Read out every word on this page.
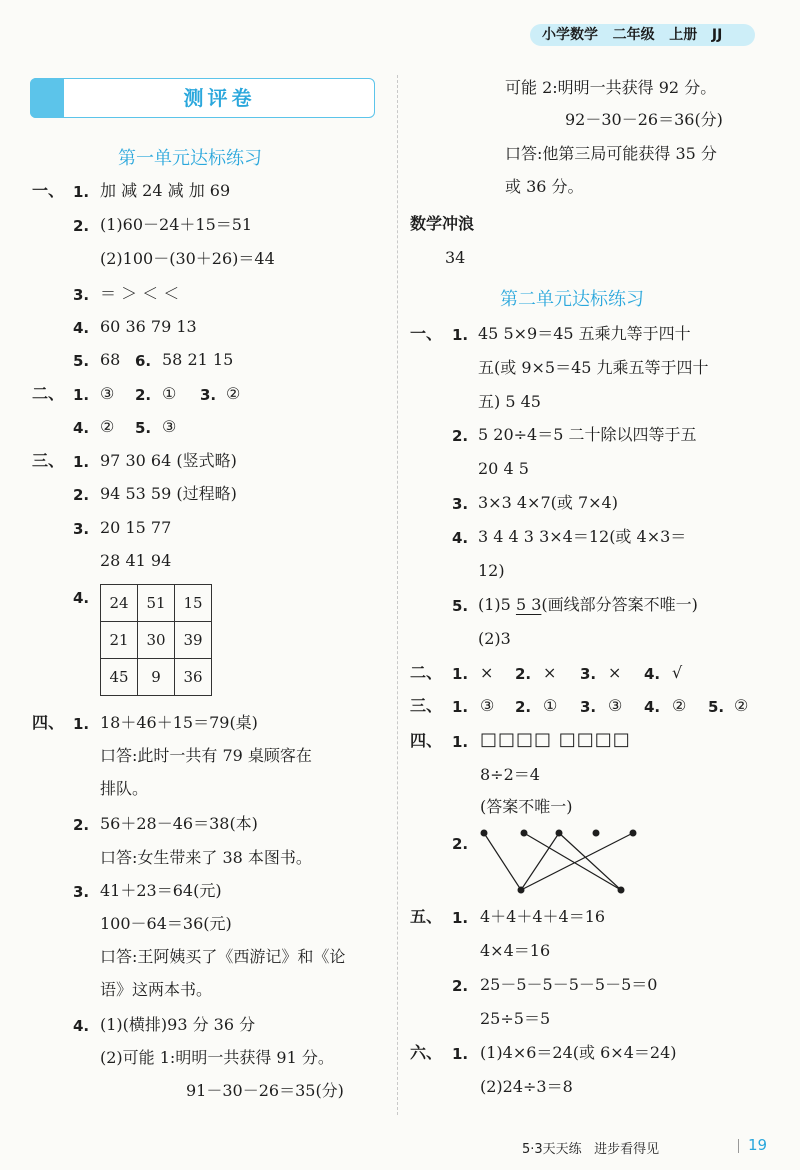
小学数学 二年级 上册 JJ
测评卷
第一单元达标练习
一、 1. 加 减 24 减 加 69
2. (1)60－24＋15＝51
(2)100－(30＋26)＝44
3. ＝ ＞ ＜ ＜
4. 60 36 79 13
5. 68 6. 58 21 15
二、 1. ③ 2. ① 3. ②
4. ② 5. ③
三、 1. 97 30 64 (竖式略)
2. 94 53 59 (过程略)
3. 20 15 77
28 41 94
4. 24	51	15
21	30	39
45	9	36
四、 1. 18＋46＋15＝79(桌)
口答:此时一共有 79 桌顾客在
排队。
2. 56＋28－46＝38(本)
口答:女生带来了 38 本图书。
3. 41＋23＝64(元)
100－64＝36(元)
口答:王阿姨买了《西游记》和《论
语》这两本书。
4. (1)(横排)93 分 36 分
(2)可能 1:明明一共获得 91 分。
91－30－26＝35(分)
可能 2:明明一共获得 92 分。
92－30－26＝36(分)
口答:他第三局可能获得 35 分
或 36 分。
数学冲浪
34
第二单元达标练习
一、 1. 45 5×9＝45 五乘九等于四十
五(或 9×5＝45 九乘五等于四十
五) 5 45
2. 5 20÷4＝5 二十除以四等于五
20 4 5
3. 3×3 4×7(或 7×4)
4. 3 4 4 3 3×4＝12(或 4×3＝
12)
5. (1)5 5 3(画线部分答案不唯一)
(2)3
二、 1. × 2. × 3. × 4. √
三、 1. ③ 2. ① 3. ③ 4. ② 5. ②
四、 1. □□□□ □□□□
8÷2＝4
(答案不唯一)
2.
五、 1. 4＋4＋4＋4＝16
4×4＝16
2. 25－5－5－5－5－5＝0
25÷5＝5
六、 1. (1)4×6＝24(或 6×4＝24)
(2)24÷3＝8
5·3天天练 进步看得见	19
